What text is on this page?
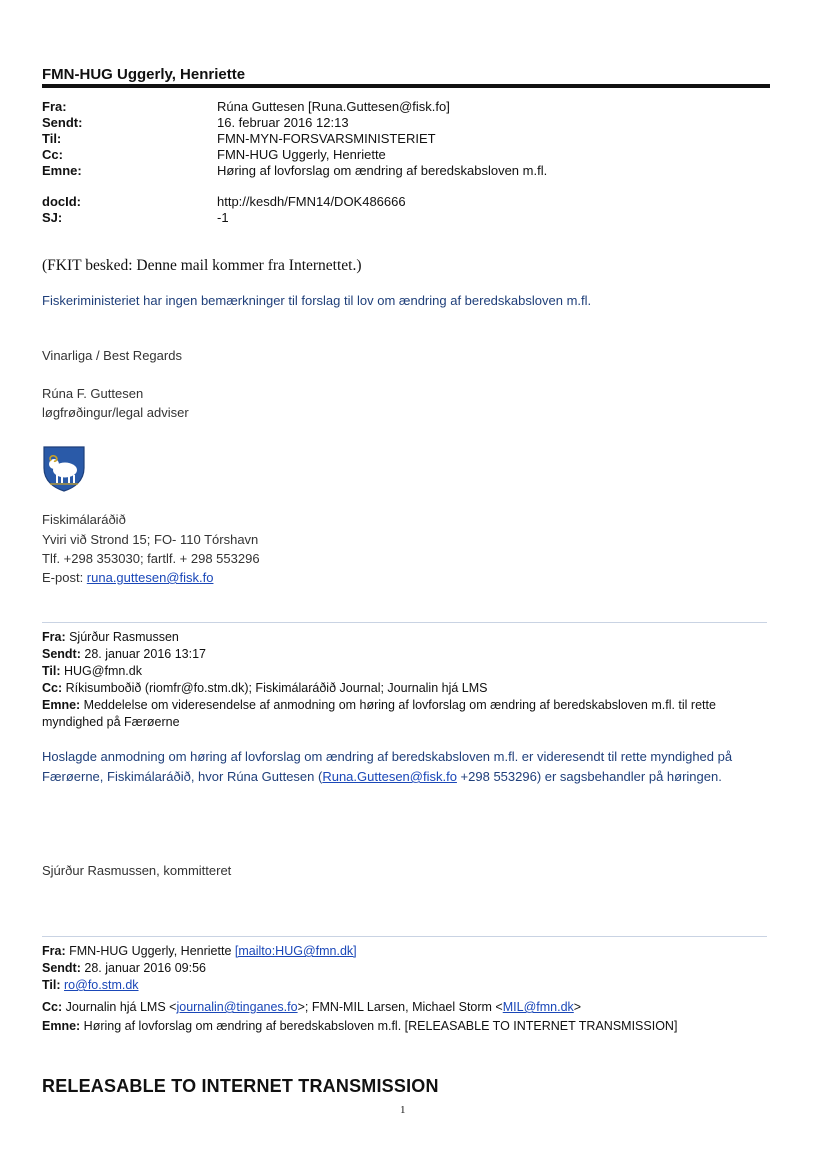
FMN-HUG Uggerly, Henriette
Fra:	Rúna Guttesen [Runa.Guttesen@fisk.fo]
Sendt:	16. februar 2016 12:13
Til:	FMN-MYN-FORSVARSMINISTERIET
Cc:	FMN-HUG Uggerly, Henriette
Emne:	Høring af lovforslag om ændring af beredskabsloven m.fl.
docId:	http://kesdh/FMN14/DOK486666
SJ:	-1
(FKIT besked: Denne mail kommer fra Internettet.)
Fiskeriministeriet har ingen bemærkninger til forslag til lov om ændring af beredskabsloven m.fl.
Vinarliga / Best Regards
Rúna F. Guttesen
løgfrøðingur/legal adviser
Fiskimálaráðið
Yviri við Strond 15; FO- 110 Tórshavn
Tlf. +298 353030; fartlf. + 298 553296
E-post: runa.guttesen@fisk.fo
Fra: Sjúrður Rasmussen
Sendt: 28. januar 2016 13:17
Til: HUG@fmn.dk
Cc: Ríkisumboðið (riomfr@fo.stm.dk); Fiskimálaráðið Journal; Journalin hjá LMS
Emne: Meddelelse om videresendelse af anmodning om høring af lovforslag om ændring af beredskabsloven m.fl. til rette myndighed på Færøerne
Hoslagde anmodning om høring af lovforslag om ændring af beredskabsloven m.fl. er videresendt til rette myndighed på Færøerne, Fiskimálaráðið, hvor Rúna Guttesen (Runa.Guttesen@fisk.fo +298 553296) er sagsbehandler på høringen.
Sjúrður Rasmussen, kommitteret
Fra: FMN-HUG Uggerly, Henriette [mailto:HUG@fmn.dk]
Sendt: 28. januar 2016 09:56
Til: ro@fo.stm.dk
Cc: Journalin hjá LMS <journalin@tinganes.fo>; FMN-MIL Larsen, Michael Storm <MIL@fmn.dk>
Emne: Høring af lovforslag om ændring af beredskabsloven m.fl. [RELEASABLE TO INTERNET TRANSMISSION]
RELEASABLE TO INTERNET TRANSMISSION
1
